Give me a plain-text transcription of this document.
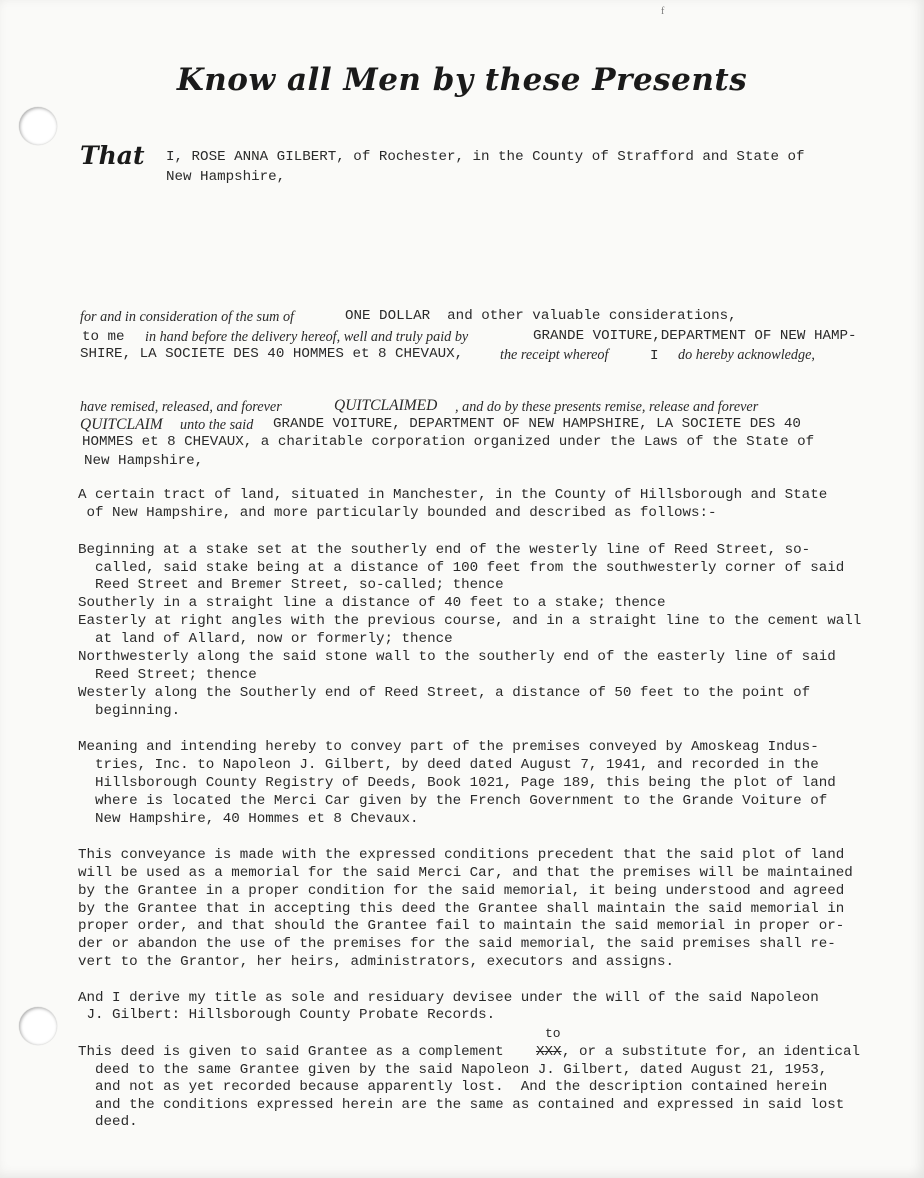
f
Know all Men by these Presents
That I, ROSE ANNA GILBERT, of Rochester, in the County of Strafford and State of
New Hampshire,
for and in consideration of the sum of	ONE DOLLAR  and other valuable considerations,
to me in hand before the delivery hereof, well and truly paid by	GRANDE VOITURE,DEPARTMENT OF NEW HAMP-
SHIRE, LA SOCIETE DES 40 HOMMES et 8 CHEVAUX,	the receipt whereof	I do hereby acknowledge,
have remised, released, and forever	QUITCLAIMED , and do by these presents remise, release and forever
QUITCLAIM unto the said GRANDE VOITURE, DEPARTMENT OF NEW HAMPSHIRE, LA SOCIETE DES 40
HOMMES et 8 CHEVAUX, a charitable corporation organized under the Laws of the State of
New Hampshire,
A certain tract of land, situated in Manchester, in the County of Hillsborough and State
of New Hampshire, and more particularly bounded and described as follows:-
Beginning at a stake set at the southerly end of the westerly line of Reed Street, so-
called, said stake being at a distance of 100 feet from the southwesterly corner of said
Reed Street and Bremer Street, so-called; thence
Southerly in a straight line a distance of 40 feet to a stake; thence
Easterly at right angles with the previous course, and in a straight line to the cement wall
at land of Allard, now or formerly; thence
Northwesterly along the said stone wall to the southerly end of the easterly line of said
Reed Street; thence
Westerly along the Southerly end of Reed Street, a distance of 50 feet to the point of
beginning.
Meaning and intending hereby to convey part of the premises conveyed by Amoskeag Indus-
tries, Inc. to Napoleon J. Gilbert, by deed dated August 7, 1941, and recorded in the
Hillsborough County Registry of Deeds, Book 1021, Page 189, this being the plot of land
where is located the Merci Car given by the French Government to the Grande Voiture of
New Hampshire, 40 Hommes et 8 Chevaux.
This conveyance is made with the expressed conditions precedent that the said plot of land
will be used as a memorial for the said Merci Car, and that the premises will be maintained
by the Grantee in a proper condition for the said memorial, it being understood and agreed
by the Grantee that in accepting this deed the Grantee shall maintain the said memorial in
proper order, and that should the Grantee fail to maintain the said memorial in proper or-
der or abandon the use of the premises for the said memorial, the said premises shall re-
vert to the Grantor, her heirs, administrators, executors and assigns.
And I derive my title as sole and residuary devisee under the will of the said Napoleon
J. Gilbert: Hillsborough County Probate Records.
to
This deed is given to said Grantee as a complement XXX , or a substitute for, an identical
deed to the same Grantee given by the said Napoleon J. Gilbert, dated August 21, 1953,
and not as yet recorded because apparently lost.  And the description contained herein
and the conditions expressed herein are the same as contained and expressed in said lost
deed.
